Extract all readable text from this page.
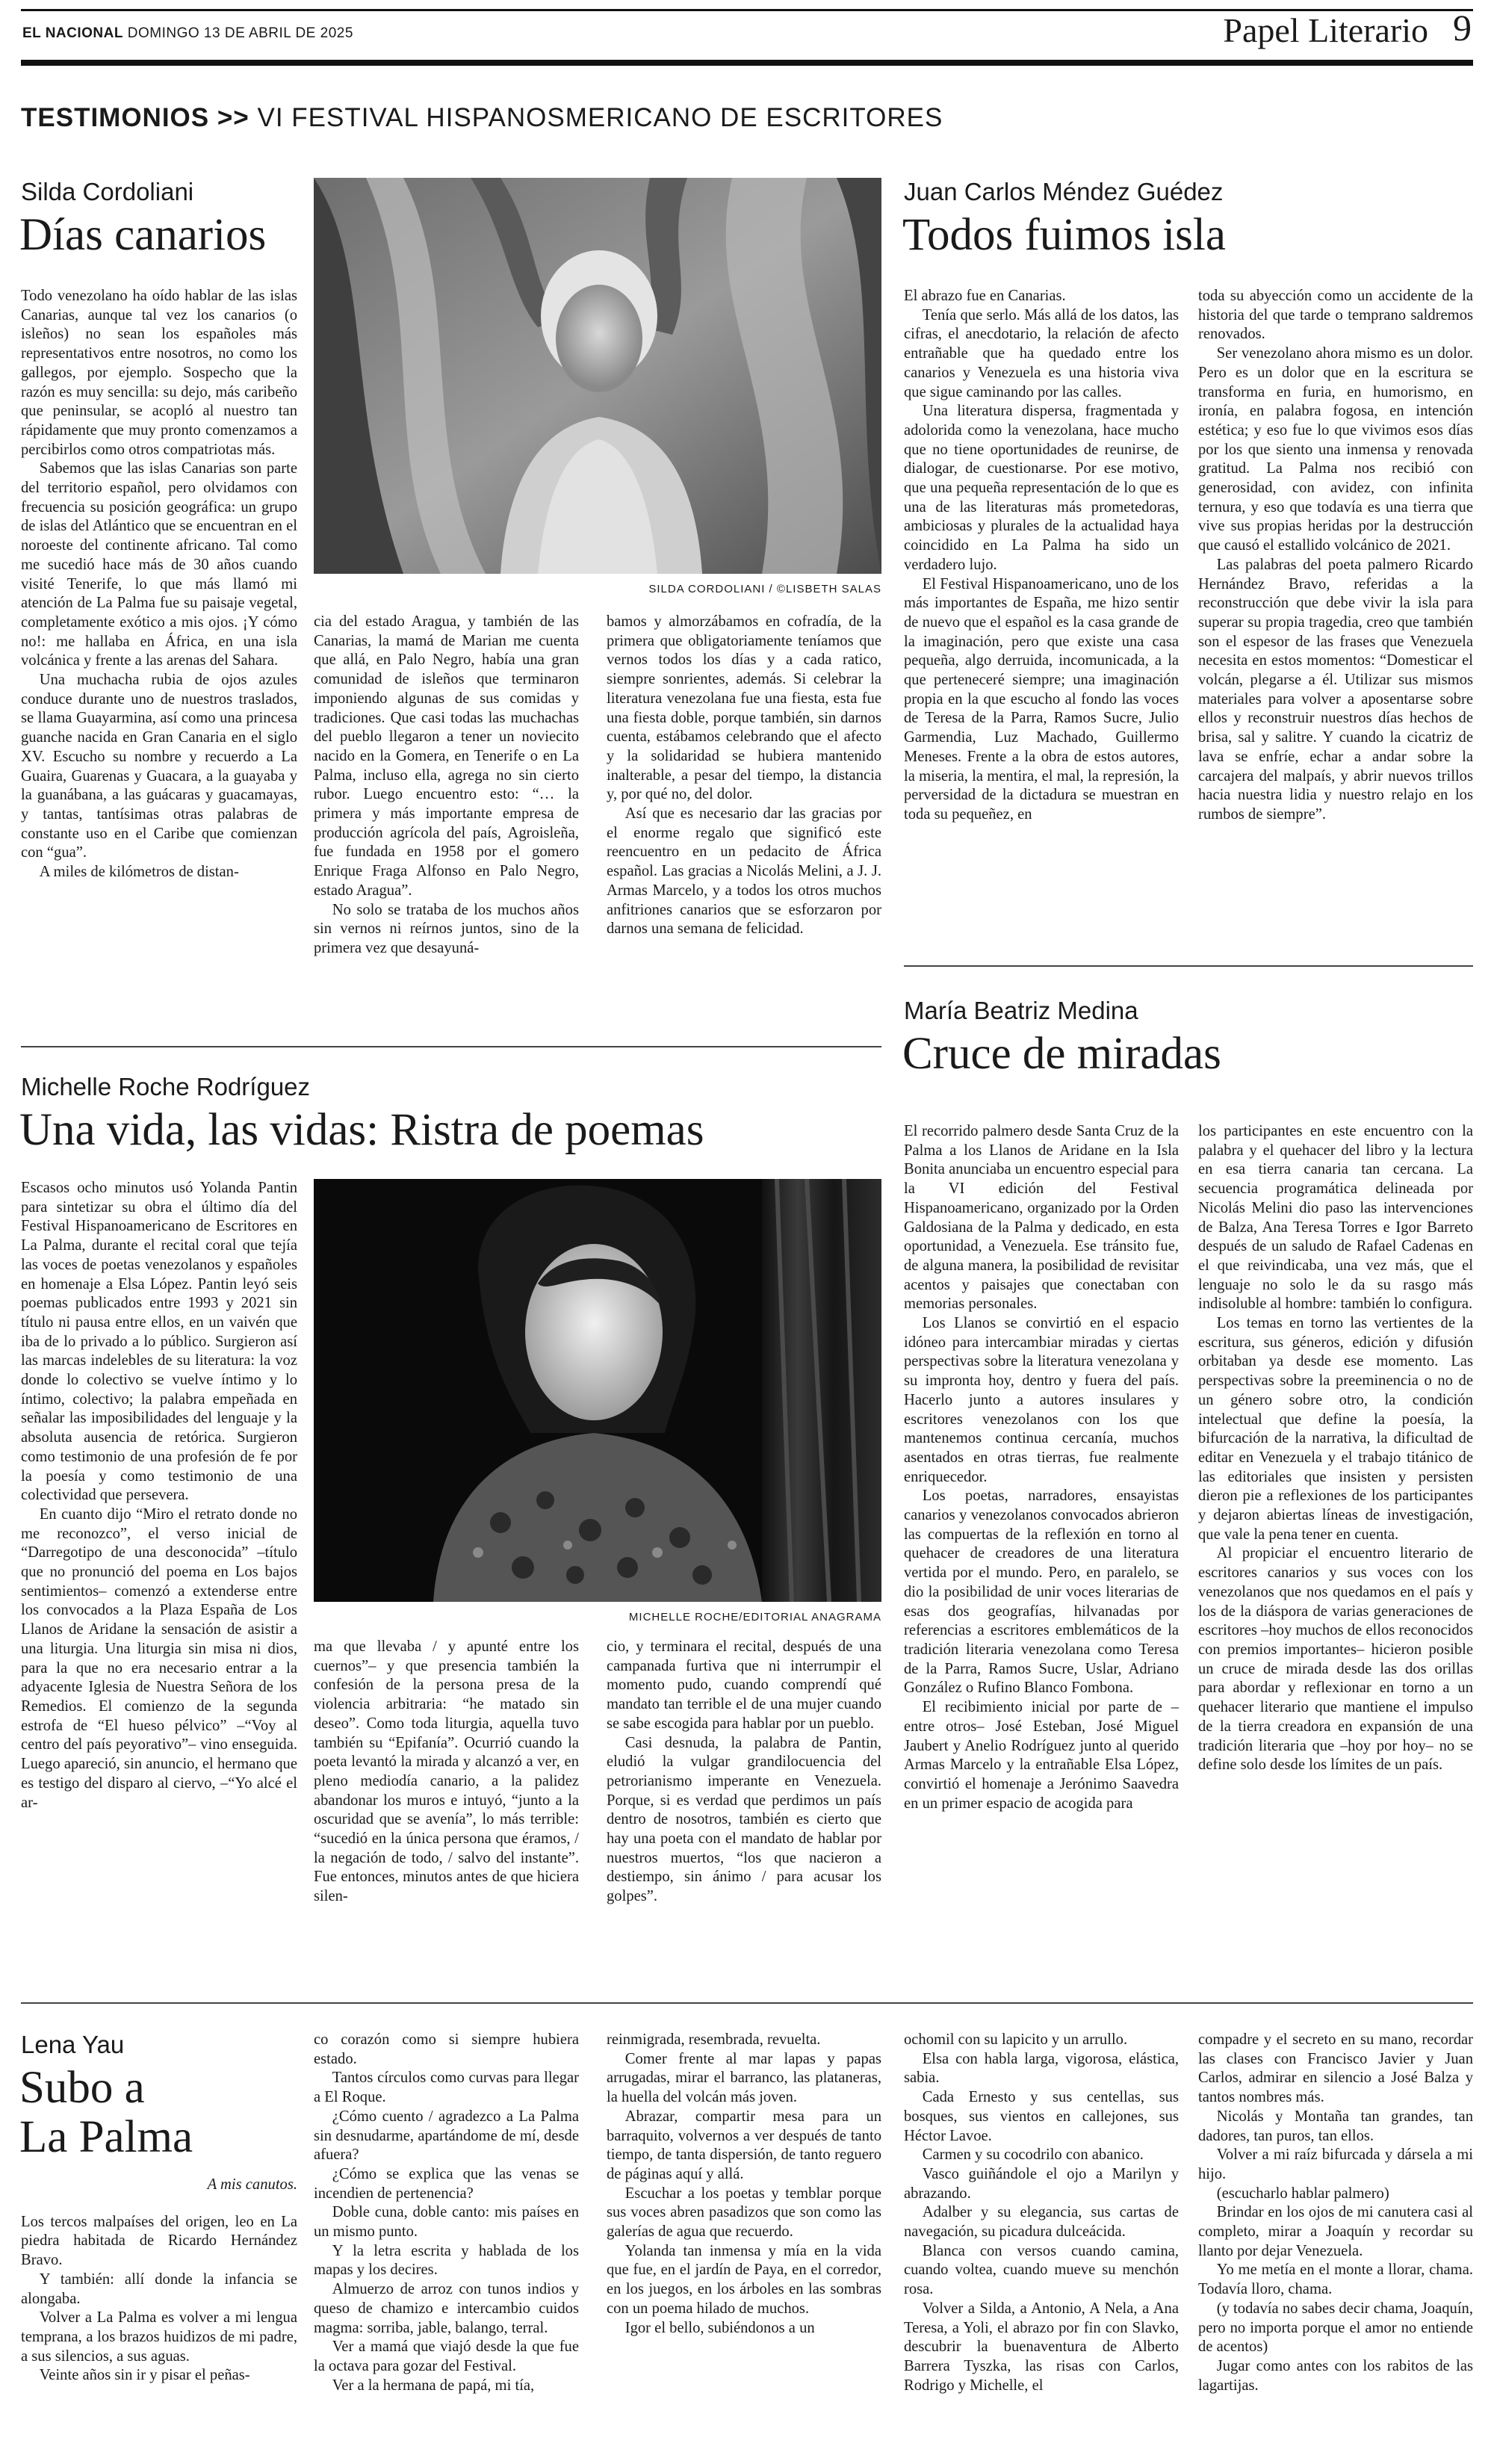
EL NACIONAL DOMINGO 13 DE ABRIL DE 2025	Papel Literario 9
TESTIMONIOS >> VI FESTIVAL HISPANOSMERICANO DE ESCRITORES
Silda Cordoliani
Días canarios
SILDA CORDOLIANI / ©LISBETH SALAS

Todo venezolano ha oído hablar de las islas Canarias, aunque tal vez los canarios (o isleños) no sean los españoles más representativos entre nosotros, no como los gallegos, por ejemplo. Sospecho que la razón es muy sencilla: su dejo, más caribeño que peninsular, se acopló al nuestro tan rápidamente que muy pronto comenzamos a percibirlos como otros compatriotas más.

Sabemos que las islas Canarias son parte del territorio español, pero olvidamos con frecuencia su posición geográfica: un grupo de islas del Atlántico que se encuentran en el noroeste del continente africano. Tal como me sucedió hace más de 30 años cuando visité Tenerife, lo que más llamó mi atención de La Palma fue su paisaje vegetal, completamente exótico a mis ojos. ¡Y cómo no!: me hallaba en África, en una isla volcánica y frente a las arenas del Sahara.

Una muchacha rubia de ojos azules conduce durante uno de nuestros traslados, se llama Guayarmina, así como una princesa guanche nacida en Gran Canaria en el siglo XV. Escucho su nombre y recuerdo a La Guaira, Guarenas y Guacara, a la guayaba y la guanábana, a las guácaras y guacamayas, y tantas, tantísimas otras palabras de constante uso en el Caribe que comienzan con “gua”.

A miles de kilómetros de distan-

cia del estado Aragua, y también de las Canarias, la mamá de Marian me cuenta que allá, en Palo Negro, había una gran comunidad de isleños que terminaron imponiendo algunas de sus comidas y tradiciones. Que casi todas las muchachas del pueblo llegaron a tener un noviecito nacido en la Gomera, en Tenerife o en La Palma, incluso ella, agrega no sin cierto rubor. Luego encuentro esto: “… la primera y más importante empresa de producción agrícola del país, Agroisleña, fue fundada en 1958 por el gomero Enrique Fraga Alfonso en Palo Negro, estado Aragua”.

No solo se trataba de los muchos años sin vernos ni reírnos juntos, sino de la primera vez que desayuná-

bamos y almorzábamos en cofradía, de la primera que obligatoriamente teníamos que vernos todos los días y a cada ratico, siempre sonrientes, además. Si celebrar la literatura venezolana fue una fiesta, esta fue una fiesta doble, porque también, sin darnos cuenta, estábamos celebrando que el afecto y la solidaridad se hubiera mantenido inalterable, a pesar del tiempo, la distancia y, por qué no, del dolor.

Así que es necesario dar las gracias por el enorme regalo que significó este reencuentro en un pedacito de África español. Las gracias a Nicolás Melini, a J. J. Armas Marcelo, y a todos los otros muchos anfitriones canarios que se esforzaron por darnos una semana de felicidad.

Juan Carlos Méndez Guédez
Todos fuimos isla

El abrazo fue en Canarias.

Tenía que serlo. Más allá de los datos, las cifras, el anecdotario, la relación de afecto entrañable que ha quedado entre los canarios y Venezuela es una historia viva que sigue caminando por las calles.

Una literatura dispersa, fragmentada y adolorida como la venezolana, hace mucho que no tiene oportunidades de reunirse, de dialogar, de cuestionarse. Por ese motivo, que una pequeña representación de lo que es una de las literaturas más prometedoras, ambiciosas y plurales de la actualidad haya coincidido en La Palma ha sido un verdadero lujo.

El Festival Hispanoamericano, uno de los más importantes de España, me hizo sentir de nuevo que el español es la casa grande de la imaginación, pero que existe una casa pequeña, algo derruida, incomunicada, a la que perteneceré siempre; una imaginación propia en la que escucho al fondo las voces de Teresa de la Parra, Ramos Sucre, Julio Garmendia, Luz Machado, Guillermo Meneses. Frente a la obra de estos autores, la miseria, la mentira, el mal, la represión, la perversidad de la dictadura se muestran en toda su pequeñez, en

toda su abyección como un accidente de la historia del que tarde o temprano saldremos renovados.

Ser venezolano ahora mismo es un dolor. Pero es un dolor que en la escritura se transforma en furia, en humorismo, en ironía, en palabra fogosa, en intención estética; y eso fue lo que vivimos esos días por los que siento una inmensa y renovada gratitud. La Palma nos recibió con generosidad, con avidez, con infinita ternura, y eso que todavía es una tierra que vive sus propias heridas por la destrucción que causó el estallido volcánico de 2021.

Las palabras del poeta palmero Ricardo Hernández Bravo, referidas a la reconstrucción que debe vivir la isla para superar su propia tragedia, creo que también son el espesor de las frases que Venezuela necesita en estos momentos: “Domesticar el volcán, plegarse a él. Utilizar sus mismos materiales para volver a aposentarse sobre ellos y reconstruir nuestros días hechos de brisa, sal y salitre. Y cuando la cicatriz de lava se enfríe, echar a andar sobre la carcajera del malpaís, y abrir nuevos trillos hacia nuestra lidia y nuestro relajo en los rumbos de siempre”.

María Beatriz Medina
Cruce de miradas

El recorrido palmero desde Santa Cruz de la Palma a los Llanos de Aridane en la Isla Bonita anunciaba un encuentro especial para la VI edición del Festival Hispanoamericano, organizado por la Orden Galdosiana de la Palma y dedicado, en esta oportunidad, a Venezuela. Ese tránsito fue, de alguna manera, la posibilidad de revisitar acentos y paisajes que conectaban con memorias personales.

Los Llanos se convirtió en el espacio idóneo para intercambiar miradas y ciertas perspectivas sobre la literatura venezolana y su impronta hoy, dentro y fuera del país. Hacerlo junto a autores insulares y escritores venezolanos con los que mantenemos continua cercanía, muchos asentados en otras tierras, fue realmente enriquecedor.

Los poetas, narradores, ensayistas canarios y venezolanos convocados abrieron las compuertas de la reflexión en torno al quehacer de creadores de una literatura vertida por el mundo. Pero, en paralelo, se dio la posibilidad de unir voces literarias de esas dos geografías, hilvanadas por referencias a escritores emblemáticos de la tradición literaria venezolana como Teresa de la Parra, Ramos Sucre, Uslar, Adriano González o Rufino Blanco Fombona.

El recibimiento inicial por parte de –entre otros– José Esteban, José Miguel Jaubert y Anelio Rodríguez junto al querido Armas Marcelo y la entrañable Elsa López, convirtió el homenaje a Jerónimo Saavedra en un primer espacio de acogida para

los participantes en este encuentro con la palabra y el quehacer del libro y la lectura en esa tierra canaria tan cercana. La secuencia programática delineada por Nicolás Melini dio paso las intervenciones de Balza, Ana Teresa Torres e Igor Barreto después de un saludo de Rafael Cadenas en el que reivindicaba, una vez más, que el lenguaje no solo le da su rasgo más indisoluble al hombre: también lo configura.

Los temas en torno las vertientes de la escritura, sus géneros, edición y difusión orbitaban ya desde ese momento. Las perspectivas sobre la preeminencia o no de un género sobre otro, la condición intelectual que define la poesía, la bifurcación de la narrativa, la dificultad de editar en Venezuela y el trabajo titánico de las editoriales que insisten y persisten dieron pie a reflexiones de los participantes y dejaron abiertas líneas de investigación, que vale la pena tener en cuenta.

Al propiciar el encuentro literario de escritores canarios y sus voces con los venezolanos que nos quedamos en el país y los de la diáspora de varias generaciones de escritores –hoy muchos de ellos reconocidos con premios importantes– hicieron posible un cruce de mirada desde las dos orillas para abordar y reflexionar en torno a un quehacer literario que mantiene el impulso de la tierra creadora en expansión de una tradición literaria que –hoy por hoy– no se define solo desde los límites de un país.

Michelle Roche Rodríguez
Una vida, las vidas: Ristra de poemas
MICHELLE ROCHE/EDITORIAL ANAGRAMA

Escasos ocho minutos usó Yolanda Pantin para sintetizar su obra el último día del Festival Hispanoamericano de Escritores en La Palma, durante el recital coral que tejía las voces de poetas venezolanos y españoles en homenaje a Elsa López. Pantin leyó seis poemas publicados entre 1993 y 2021 sin título ni pausa entre ellos, en un vaivén que iba de lo privado a lo público. Surgieron así las marcas indelebles de su literatura: la voz donde lo colectivo se vuelve íntimo y lo íntimo, colectivo; la palabra empeñada en señalar las imposibilidades del lenguaje y la absoluta ausencia de retórica. Surgieron como testimonio de una profesión de fe por la poesía y como testimonio de una colectividad que persevera.

En cuanto dijo “Miro el retrato donde no me reconozco”, el verso inicial de “Darregotipo de una desconocida” –título que no pronunció del poema en Los bajos sentimientos– comenzó a extenderse entre los convocados a la Plaza España de Los Llanos de Aridane la sensación de asistir a una liturgia. Una liturgia sin misa ni dios, para la que no era necesario entrar a la adyacente Iglesia de Nuestra Señora de los Remedios. El comienzo de la segunda estrofa de “El hueso pélvico” –“Voy al centro del país peyorativo”– vino enseguida. Luego apareció, sin anuncio, el hermano que es testigo del disparo al ciervo, –“Yo alcé el ar-

ma que llevaba / y apunté entre los cuernos”– y que presencia también la confesión de la persona presa de la violencia arbitraria: “he matado sin deseo”. Como toda liturgia, aquella tuvo también su “Epifanía”. Ocurrió cuando la poeta levantó la mirada y alcanzó a ver, en pleno mediodía canario, a la palidez abandonar los muros e intuyó, “junto a la oscuridad que se avenía”, lo más terrible: “sucedió en la única persona que éramos, / la negación de todo, / salvo del instante”. Fue entonces, minutos antes de que hiciera silen-

cio, y terminara el recital, después de una campanada furtiva que ni interrumpir el momento pudo, cuando comprendí qué mandato tan terrible el de una mujer cuando se sabe escogida para hablar por un pueblo.

Casi desnuda, la palabra de Pantin, eludió la vulgar grandilocuencia del petrorianismo imperante en Venezuela. Porque, si es verdad que perdimos un país dentro de nosotros, también es cierto que hay una poeta con el mandato de hablar por nuestros muertos, “los que nacieron a destiempo, sin ánimo / para acusar los golpes”.

Lena Yau
Subo a
La Palma

A mis canutos.

Los tercos malpaíses del origen, leo en La piedra habitada de Ricardo Hernández Bravo.

Y también: allí donde la infancia se alongaba.

Volver a La Palma es volver a mi lengua temprana, a los brazos huidizos de mi padre, a sus silencios, a sus aguas.

Veinte años sin ir y pisar el peñas-

co corazón como si siempre hubiera estado.

Tantos círculos como curvas para llegar a El Roque.

¿Cómo cuento / agradezco a La Palma sin desnudarme, apartándome de mí, desde afuera?

¿Cómo se explica que las venas se incendien de pertenencia?

Doble cuna, doble canto: mis países en un mismo punto.

Y la letra escrita y hablada de los mapas y los decires.

Almuerzo de arroz con tunos indios y queso de chamizo e intercambio cuidos magma: sorriba, jable, balango, terral.

Ver a mamá que viajó desde la que fue la octava para gozar del Festival.

Ver a la hermana de papá, mi tía,

reinmigrada, resembrada, revuelta.

Comer frente al mar lapas y papas arrugadas, mirar el barranco, las plataneras, la huella del volcán más joven.

Abrazar, compartir mesa para un barraquito, volvernos a ver después de tanto tiempo, de tanta dispersión, de tanto reguero de páginas aquí y allá.

Escuchar a los poetas y temblar porque sus voces abren pasadizos que son como las galerías de agua que recuerdo.

Yolanda tan inmensa y mía en la vida que fue, en el jardín de Paya, en el corredor, en los juegos, en los árboles en las sombras con un poema hilado de muchos.

Igor el bello, subiéndonos a un

ochomil con su lapicito y un arrullo.

Elsa con habla larga, vigorosa, elástica, sabia.

Cada Ernesto y sus centellas, sus bosques, sus vientos en callejones, sus Héctor Lavoe.

Carmen y su cocodrilo con abanico.

Vasco guiñándole el ojo a Marilyn y abrazando.

Adalber y su elegancia, sus cartas de navegación, su picadura dulceácida.

Blanca con versos cuando camina, cuando voltea, cuando mueve su menchón rosa.

Volver a Silda, a Antonio, A Nela, a Ana Teresa, a Yoli, el abrazo por fin con Slavko, descubrir la buenaventura de Alberto Barrera Tyszka, las risas con Carlos, Rodrigo y Michelle, el

compadre y el secreto en su mano, recordar las clases con Francisco Javier y Juan Carlos, admirar en silencio a José Balza y tantos nombres más.

Nicolás y Montaña tan grandes, tan dadores, tan puros, tan ellos.

Volver a mi raíz bifurcada y dársela a mi hijo.

(escucharlo hablar palmero)

Brindar en los ojos de mi canutera casi al completo, mirar a Joaquín y recordar su llanto por dejar Venezuela.

Yo me metía en el monte a llorar, chama. Todavía lloro, chama.

(y todavía no sabes decir chama, Joaquín, pero no importa porque el amor no entiende de acentos)

Jugar como antes con los rabitos de las lagartijas.
